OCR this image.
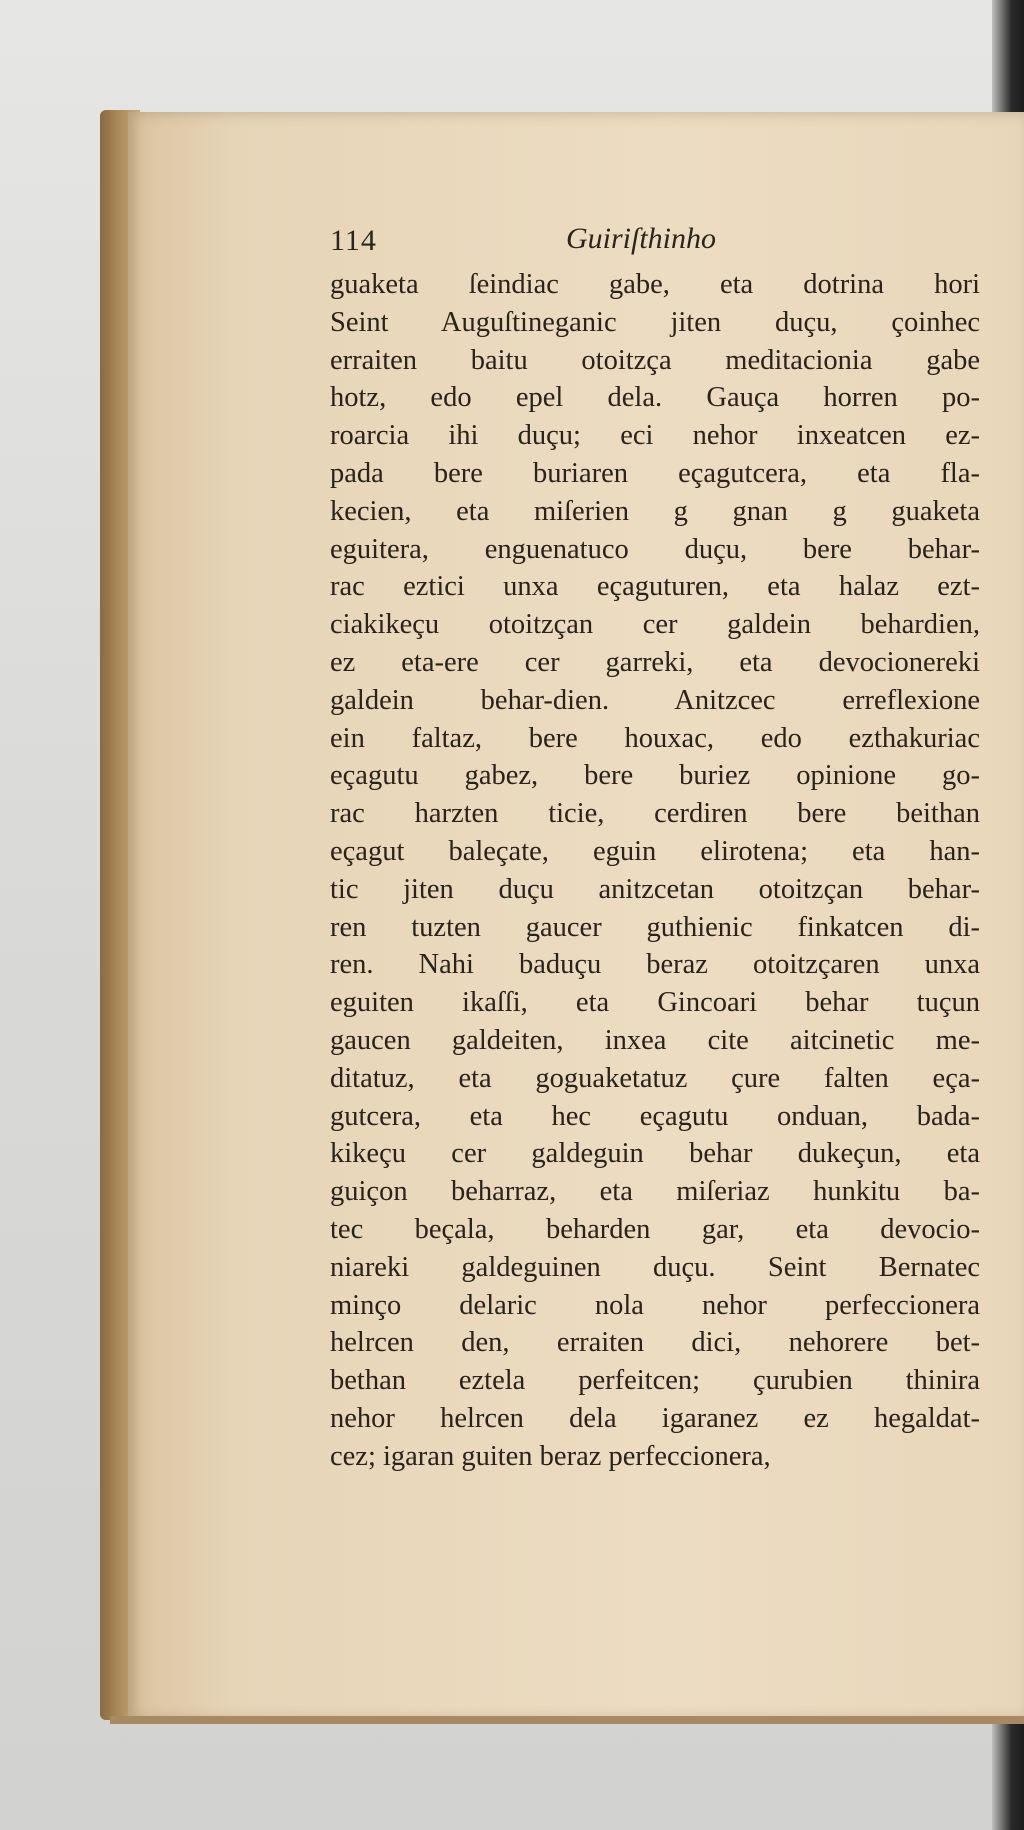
114	Guiriſthinho
guaketa ſeindiac gabe, eta dotrina hori
Seint Auguſtineganic jiten duçu, çoinhec
erraiten baitu otoitzça meditacionia gabe
hotz, edo epel dela. Gauça horren po-
roarcia ihi duçu; eci nehor inxeatcen ez-
pada bere buriaren eçagutcera, eta fla-
kecien, eta miſerien g gnan g guaketa
eguitera, enguenatuco duçu, bere behar-
rac eztici unxa eçaguturen, eta halaz ezt-
ciakikeçu otoitzçan cer galdein behardien,
ez eta-ere cer garreki, eta devocionereki
galdein behar-dien. Anitzcec erreflexione
ein faltaz, bere houxac, edo ezthakuriac
eçagutu gabez, bere buriez opinione go-
rac harzten ticie, cerdiren bere beithan
eçagut baleçate, eguin elirotena; eta han-
tic jiten duçu anitzcetan otoitzçan behar-
ren tuzten gaucer guthienic finkatcen di-
ren. Nahi baduçu beraz otoitzçaren unxa
eguiten ikaſſi, eta Gincoari behar tuçun
gaucen galdeiten, inxea cite aitcinetic me-
ditatuz, eta goguaketatuz çure falten eça-
gutcera, eta hec eçagutu onduan, bada-
kikeçu cer galdeguin behar dukeçun, eta
guiçon beharraz, eta miſeriaz hunkitu ba-
tec beçala, beharden gar, eta devocio-
niareki galdeguinen duçu. Seint Bernatec
minço delaric nola nehor perfeccionera
helrcen den, erraiten dici, nehorere bet-
bethan eztela perfeitcen; çurubien thinira
nehor helrcen dela igaranez ez hegaldat-
cez; igaran guiten beraz perfeccionera,
